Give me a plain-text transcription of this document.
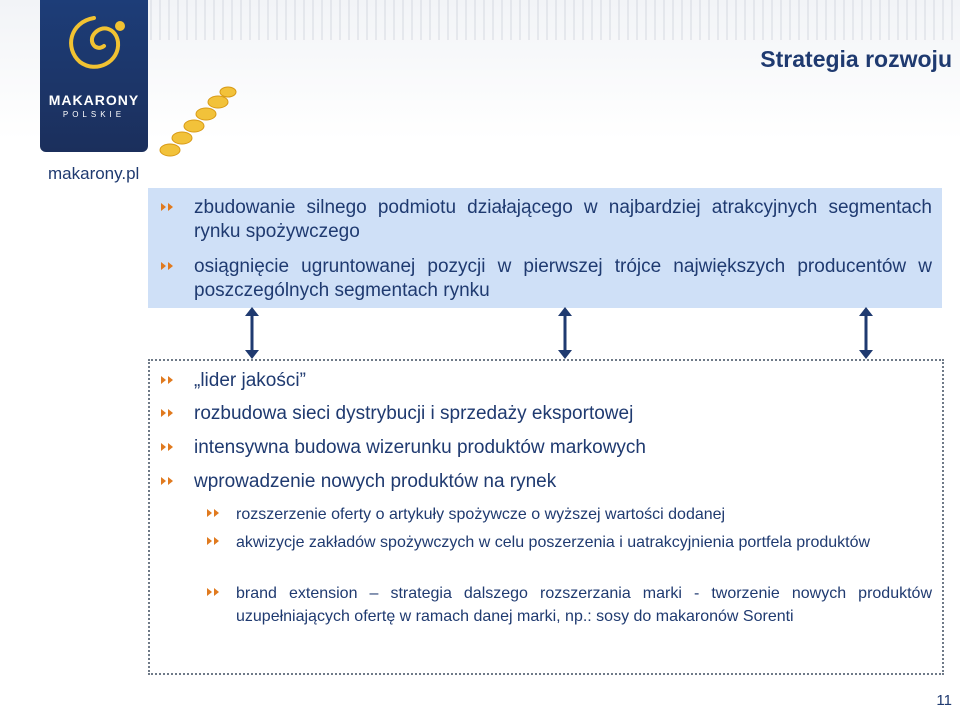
MAKARONY
POLSKIE
makarony.pl
Strategia rozwoju
zbudowanie silnego podmiotu działającego w najbardziej atrakcyjnych segmentach rynku spożywczego
osiągnięcie ugruntowanej pozycji w pierwszej trójce największych producentów w poszczególnych segmentach rynku
„lider jakości”
rozbudowa sieci dystrybucji i sprzedaży eksportowej
intensywna budowa wizerunku produktów markowych
wprowadzenie nowych produktów na rynek
rozszerzenie oferty o artykuły spożywcze o wyższej wartości dodanej
akwizycje zakładów spożywczych w celu poszerzenia i uatrakcyjnienia portfela produktów
brand extension – strategia dalszego rozszerzania marki - tworzenie nowych produktów uzupełniających ofertę w ramach danej marki, np.: sosy do makaronów Sorenti
11
